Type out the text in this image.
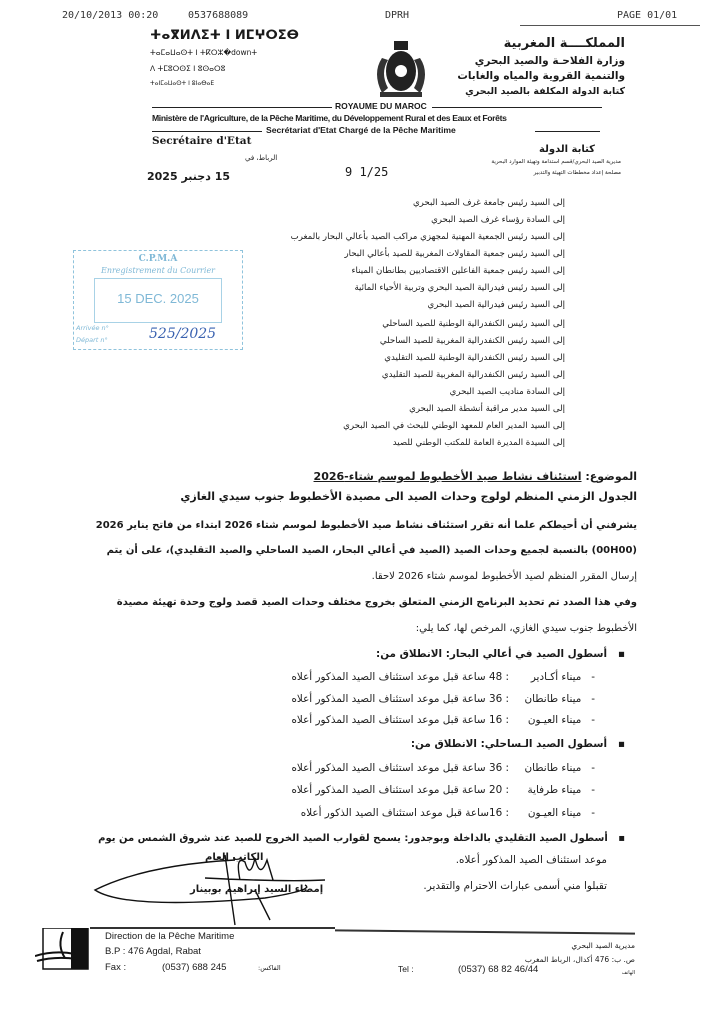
20/10/2013 00:20	0537688089	DPRH	PAGE 01/01
ⵜⴰⴳⵍⴷⵉⵜ ⵏ ⵍⵎⵖⵔⵉⴱ
ⵜⴰⵎⴰⵡⴰⵙⵜ ⵏ ⵜⴽⵔⵣ�downⵜ
ⴷ ⵜⵎⵓⵔⵙⵉ ⵏ ⵓⵙⴰⵔⵓ
ⵜⴰⵏⵎⴰⵡⴰⵙⵜ ⵏ ⵓⵏⴰⴱⴰⴹ
المملكــــة المغربية
وزارة الفلاحـة والصيد البحري
والتنمية القروية والمياه والغابات
كتابة الدولة المكلفة بالصيد البحري
ROYAUME DU MAROC
Ministère de l'Agriculture, de la Pêche Maritime, du Développement Rural et des Eaux et Forêts
Secrétariat d'Etat Chargé de la Pêche Maritime
Secrétaire d'Etat
كتابة الدولة
مديرية الصيد البحري/قسم استدامة وتهيئة الموارد البحرية
مصلحة إعداد مخططات التهيئة والتدبير
الرباط، في
15 دجنبر 2025	9 1/25
C.P.M.A
Enregistrement du Courrier
15 DEC. 2025
Arrivée n°
Départ n°	525/2025
إلى السيد رئيس جامعة غرف الصيد البحري
إلى السادة رؤساء غرف الصيد البحري
إلى السيد رئيس الجمعية المهنية لمجهزي مراكب الصيد بأعالي البحار بالمغرب
إلى السيد رئيس جمعية المقاولات المغربية للصيد بأعالي البحار
إلى السيد رئيس جمعية الفاعلين الاقتصاديين بطانطان الميناء
إلى السيد رئيس فيدرالية الصيد البحري وتربية الأحياء المائية
إلى السيد رئيس فيدرالية الصيد البحري
إلى السيد رئيس الكنفدرالية الوطنية للصيد الساحلي
إلى السيد رئيس الكنفدرالية المغربية للصيد الساحلي
إلى السيد رئيس الكنفدرالية الوطنية للصيد التقليدي
إلى السيد رئيس الكنفدرالية المغربية للصيد التقليدي
إلى السادة مناديب الصيد البحري
إلى السيد مدير مراقبة أنشطة الصيد البحري
إلى السيد المدير العام للمعهد الوطني للبحث في الصيد البحري
إلى السيدة المديرة العامة للمكتب الوطني للصيد
الموضوع: استئناف نشاط صيد الأخطبوط لموسم شتاء-2026
الجدول الزمني المنظم لولوج وحدات الصيد الى مصيدة الأخطبوط جنوب سيدي الغازي
يشرفني أن أحيطكم علما أنه تقرر استئناف نشاط صيد الأخطبوط لموسم شتاء 2026 ابتداء من فاتح يناير 2026
(00H00) بالنسبة لجميع وحدات الصيد (الصيد في أعالي البحار، الصيد الساحلي والصيد التقليدي)، على أن يتم
إرسال المقرر المنظم لصيد الأخطبوط لموسم شتاء 2026 لاحقا.
وفي هذا الصدد تم تحديد البرنامج الزمني المتعلق بخروج مختلف وحدات الصيد قصد ولوج وحدة تهيئة مصيدة
الأخطبوط جنوب سيدي الغازي، المرخص لها، كما يلي:
▪   أسطول الصيد في أعالي البحار: الانطلاق من:
-   ميناء أكـادير
: 48 ساعة قبل موعد استئناف الصيد المذكور أعلاه
-   ميناء طانطان
: 36 ساعة قبل موعد استئناف الصيد المذكور أعلاه
-   ميناء العيـون
: 16 ساعة قبل موعد استئناف الصيد المذكور أعلاه
▪   أسطول الصيد الـساحلي: الانطلاق من:
-   ميناء طانطان
: 36 ساعة قبل موعد استئناف الصيد المذكور أعلاه
-   ميناء طرفاية
: 20 ساعة قبل موعد استئناف الصيد المذكور أعلاه
-   ميناء العيـون
: 16ساعة قبل موعد استئناف الصيد الذكور أعلاه
▪   أسطول الصيد التقليدي بالداخلة وبوجدور: يسمح لقوارب الصيد الخروج للصيد عند شروق الشمس من يوم
موعد استئناف الصيد المذكور أعلاه.
تقبلوا مني أسمى عبارات الاحترام والتقدير.
الكاتب العام
إمضاء السيد إبراهيم بوبينار
Direction de la Pêche Maritime
B.P : 476 Agdal, Rabat
Fax :	(0537) 688 245	الفاكس:	Tel :	(0537) 68 82 46/44
مديرية الصيد البحري
ص. ب: 476 أكدال، الرباط المغرب
الهاتف
